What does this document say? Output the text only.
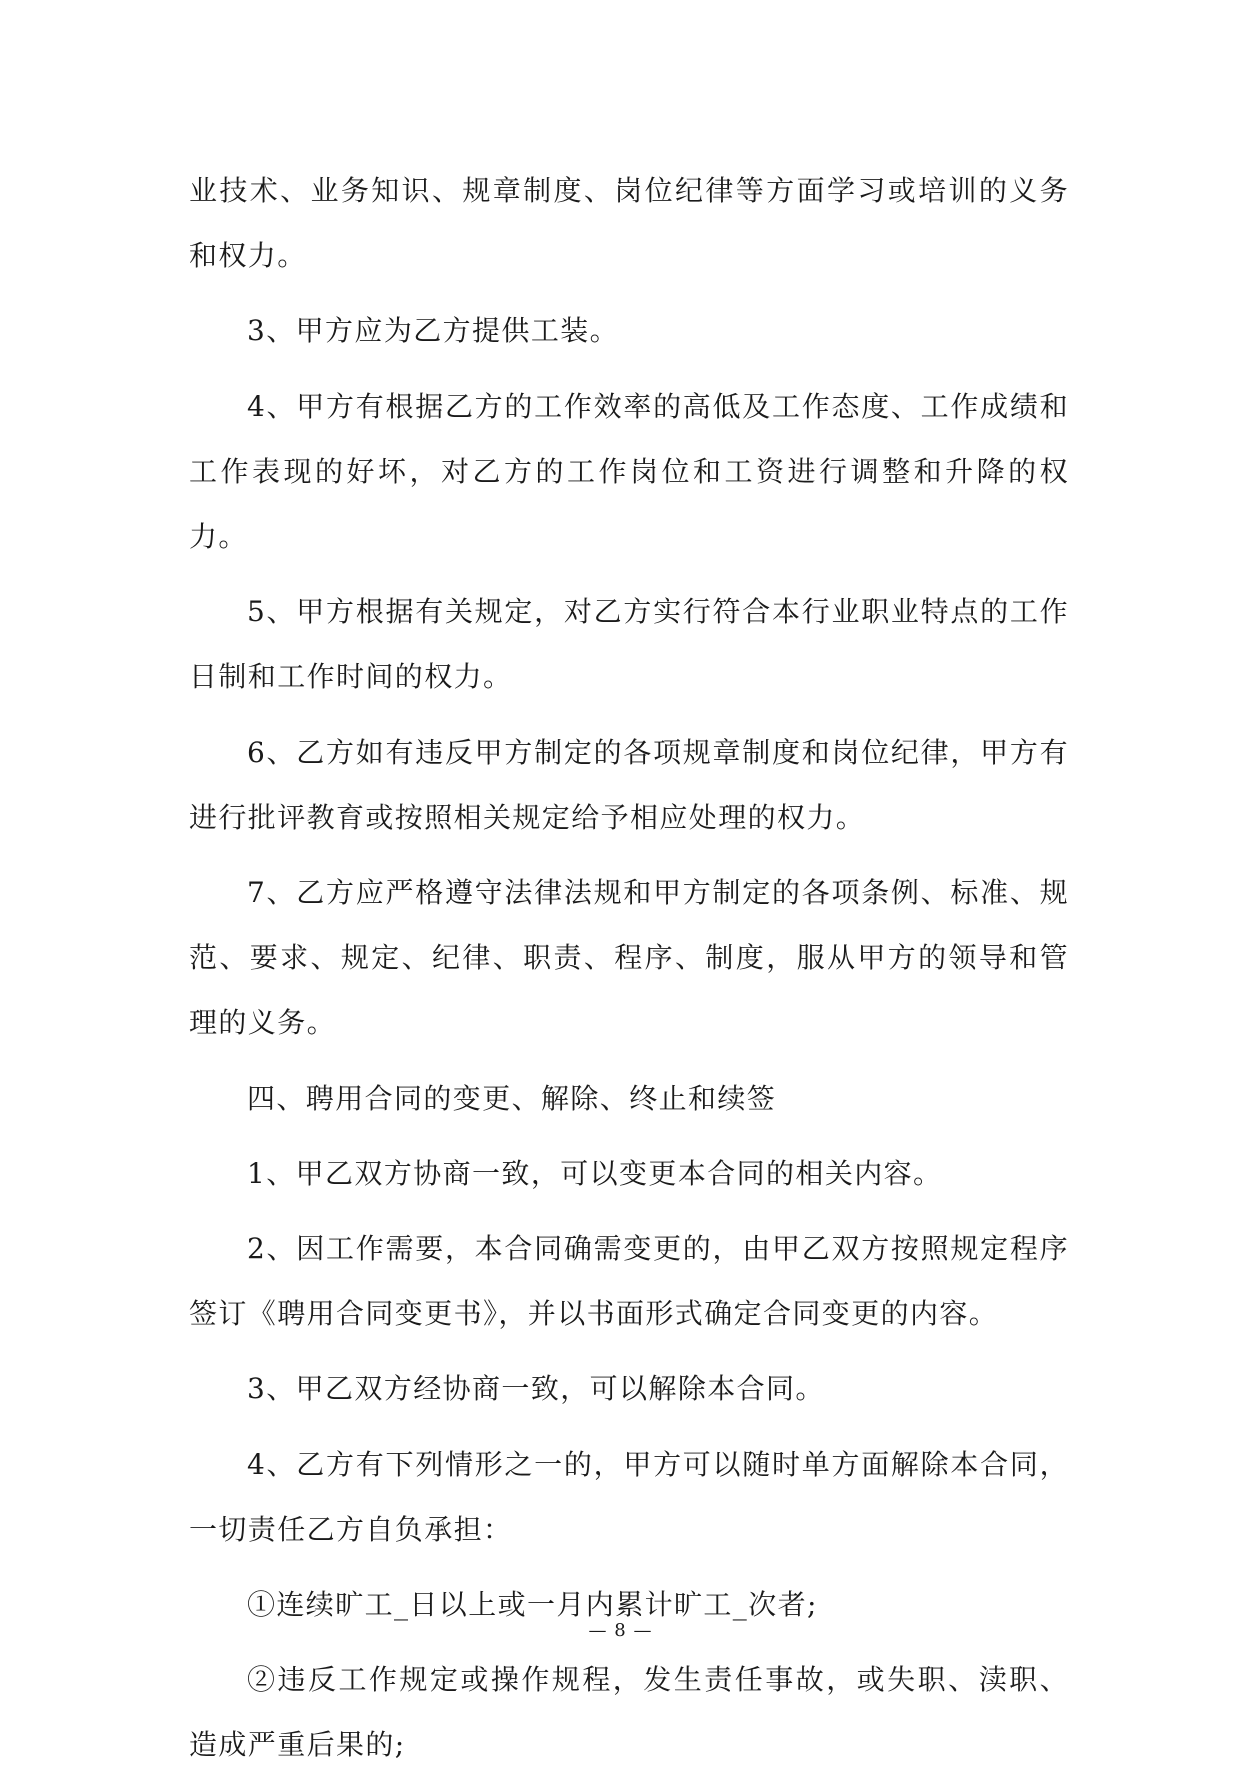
业技术、业务知识、规章制度、岗位纪律等方面学习或培训的义务和权力。

3、甲方应为乙方提供工装。

4、甲方有根据乙方的工作效率的高低及工作态度、工作成绩和工作表现的好坏，对乙方的工作岗位和工资进行调整和升降的权力。

5、甲方根据有关规定，对乙方实行符合本行业职业特点的工作日制和工作时间的权力。

6、乙方如有违反甲方制定的各项规章制度和岗位纪律，甲方有进行批评教育或按照相关规定给予相应处理的权力。

7、乙方应严格遵守法律法规和甲方制定的各项条例、标准、规范、要求、规定、纪律、职责、程序、制度，服从甲方的领导和管理的义务。

四、聘用合同的变更、解除、终止和续签

1、甲乙双方协商一致，可以变更本合同的相关内容。

2、因工作需要，本合同确需变更的，由甲乙双方按照规定程序签订《聘用合同变更书》，并以书面形式确定合同变更的内容。

3、甲乙双方经协商一致，可以解除本合同。

4、乙方有下列情形之一的，甲方可以随时单方面解除本合同，一切责任乙方自负承担：

①连续旷工_日以上或一月内累计旷工_次者;

②违反工作规定或操作规程，发生责任事故，或失职、渎职、造成严重后果的;

— 8 —
